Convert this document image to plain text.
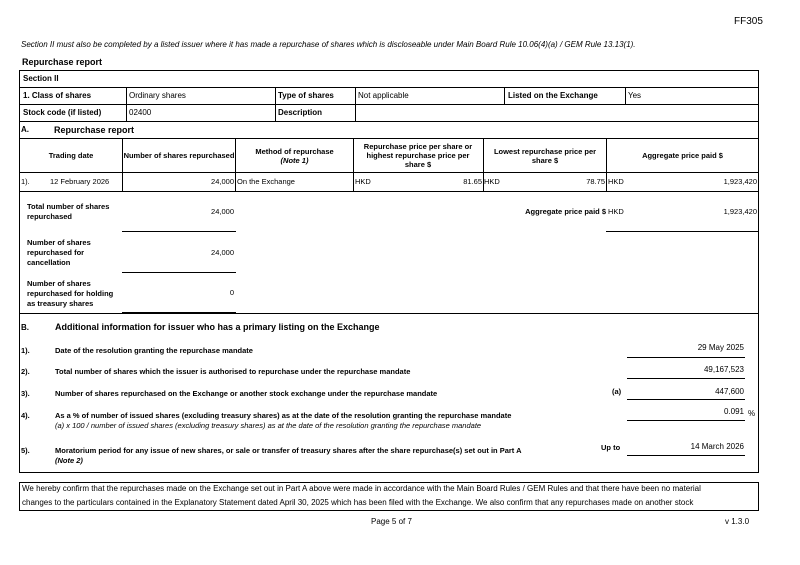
FF305
Section II must also be completed by a listed issuer where it has made a repurchase of shares which is discloseable under Main Board Rule 10.06(4)(a) / GEM Rule 13.13(1).
Repurchase report
Section II
1. Class of shares	Ordinary shares	Type of shares	Not applicable	Listed on the Exchange	Yes
Stock code (if listed)	02400	Description
A.	Repurchase report
Trading date	Number of shares repurchased	Method of repurchase
(Note 1)
Repurchase price per share or highest repurchase price per share $
Lowest repurchase price per share $	Aggregate price paid $
1).	12 February 2026	24,000 On the Exchange	HKD	81.65 HKD	78.75 HKD	1,923,420
Total number of shares repurchased
24,000	Aggregate price paid $ HKD	1,923,420
Number of shares repurchased for cancellation
24,000
Number of shares repurchased for holding as treasury shares
0
B.	Additional information for issuer who has a primary listing on the Exchange
1).	Date of the resolution granting the repurchase mandate	29 May 2025
2).	Total number of shares which the issuer is authorised to repurchase under the repurchase mandate	49,167,523
3).	Number of shares repurchased on the Exchange or another stock exchange under the repurchase mandate	(a)	447,600
4).	As a % of number of issued shares (excluding treasury shares) as at the date of the resolution granting the repurchase mandate
(a) x 100 / number of issued shares (excluding treasury shares) as at the date of the resolution granting the repurchase mandate
0.091 %
5).	Moratorium period for any issue of new shares, or sale or transfer of treasury shares after the share repurchase(s) set out in Part A
(Note 2)
Up to	14 March 2026
We hereby confirm that the repurchases made on the Exchange set out in Part A above were made in accordance with the Main Board Rules / GEM Rules and that there have been no material
changes to the particulars contained in the Explanatory Statement dated April 30, 2025 which has been filed with the Exchange. We also confirm that any repurchases made on another stock
Page 5 of 7	v 1.3.0
